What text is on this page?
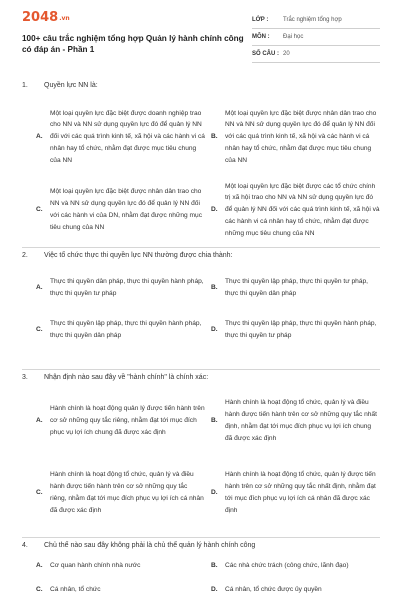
2048.vn
100+ câu trắc nghiệm tổng hợp Quản lý hành chính công có đáp án - Phần 1
LỚP :	Trắc nghiệm tổng hợp
MÔN :	Đại học
SỐ CÂU : 20
1.	Quyền lực NN là:
A.
Một loại quyền lực đặc biệt được doanh nghiệp trao cho NN và NN sử dụng quyền lực đó để quản lý NN đối với các quá trình kinh tế, xã hội và các hành vi cá nhân hay tổ chức, nhằm đạt được mục tiêu chung của NN
B.
Một loại quyền lực đặc biệt được nhân dân trao cho NN và NN sử dụng quyền lực đó để quản lý NN đối với các quá trình kinh tế, xã hội và các hành vi cá nhân hay tổ chức, nhằm đạt được mục tiêu chung của NN
C.
Một loại quyền lực đặc biệt được nhân dân trao cho NN và NN sử dụng quyền lực đó để quản lý NN đối với các hành vi của DN, nhằm đạt được những mục tiêu chung của NN
D.
Một loại quyền lực đặc biệt được các tổ chức chính trị xã hội trao cho NN và NN sử dụng quyền lực đó để quản lý NN đối với các quá trình kinh tế, xã hội và các hành vi cá nhân hay tổ chức, nhằm đạt được những mục tiêu chung của NN
2.	Việc tổ chức thực thi quyền lực NN thường được chia thành:
A.
Thực thi quyền dân pháp, thực thi quyền hành pháp, thực thi quyền tư pháp
B.
Thực thi quyền lập pháp, thực thi quyền tư pháp, thực thi quyền dân pháp
C.
Thực thi quyền lập pháp, thực thi quyền hành pháp, thực thi quyền dân pháp
D.
Thực thi quyền lập pháp, thực thi quyền hành pháp, thực thi quyền tư pháp
3.	Nhận định nào sau đây về "hành chính" là chính xác:
A.
Hành chính là hoạt động quản lý được tiến hành trên cơ sở những quy tắc riêng, nhằm đạt tới mục đích phục vụ lợi ích chung đã được xác định
B.
Hành chính là hoạt động tổ chức, quản lý và điều hành được tiến hành trên cơ sở những quy tắc nhất định, nhằm đạt tới mục đích phục vụ lợi ích chung đã được xác định
C.
Hành chính là hoạt động tổ chức, quản lý và điều hành được tiến hành trên cơ sở những quy tắc riêng, nhằm đạt tới mục đích phục vụ lợi ích cá nhân đã được xác định
D.
Hành chính là hoạt động tổ chức, quản lý được tiến hành trên cơ sở những quy tắc nhất định, nhằm đạt tới mục đích phục vụ lợi ích cá nhân đã được xác định
4.	Chủ thể nào sau đây không phải là chủ thể quản lý hành chính công
A.	Cơ quan hành chính nhà nước	B.	Các nhà chức trách (công chức, lãnh đạo)
C.	Cá nhân, tổ chức	D.	Cá nhân, tổ chức được ủy quyền
